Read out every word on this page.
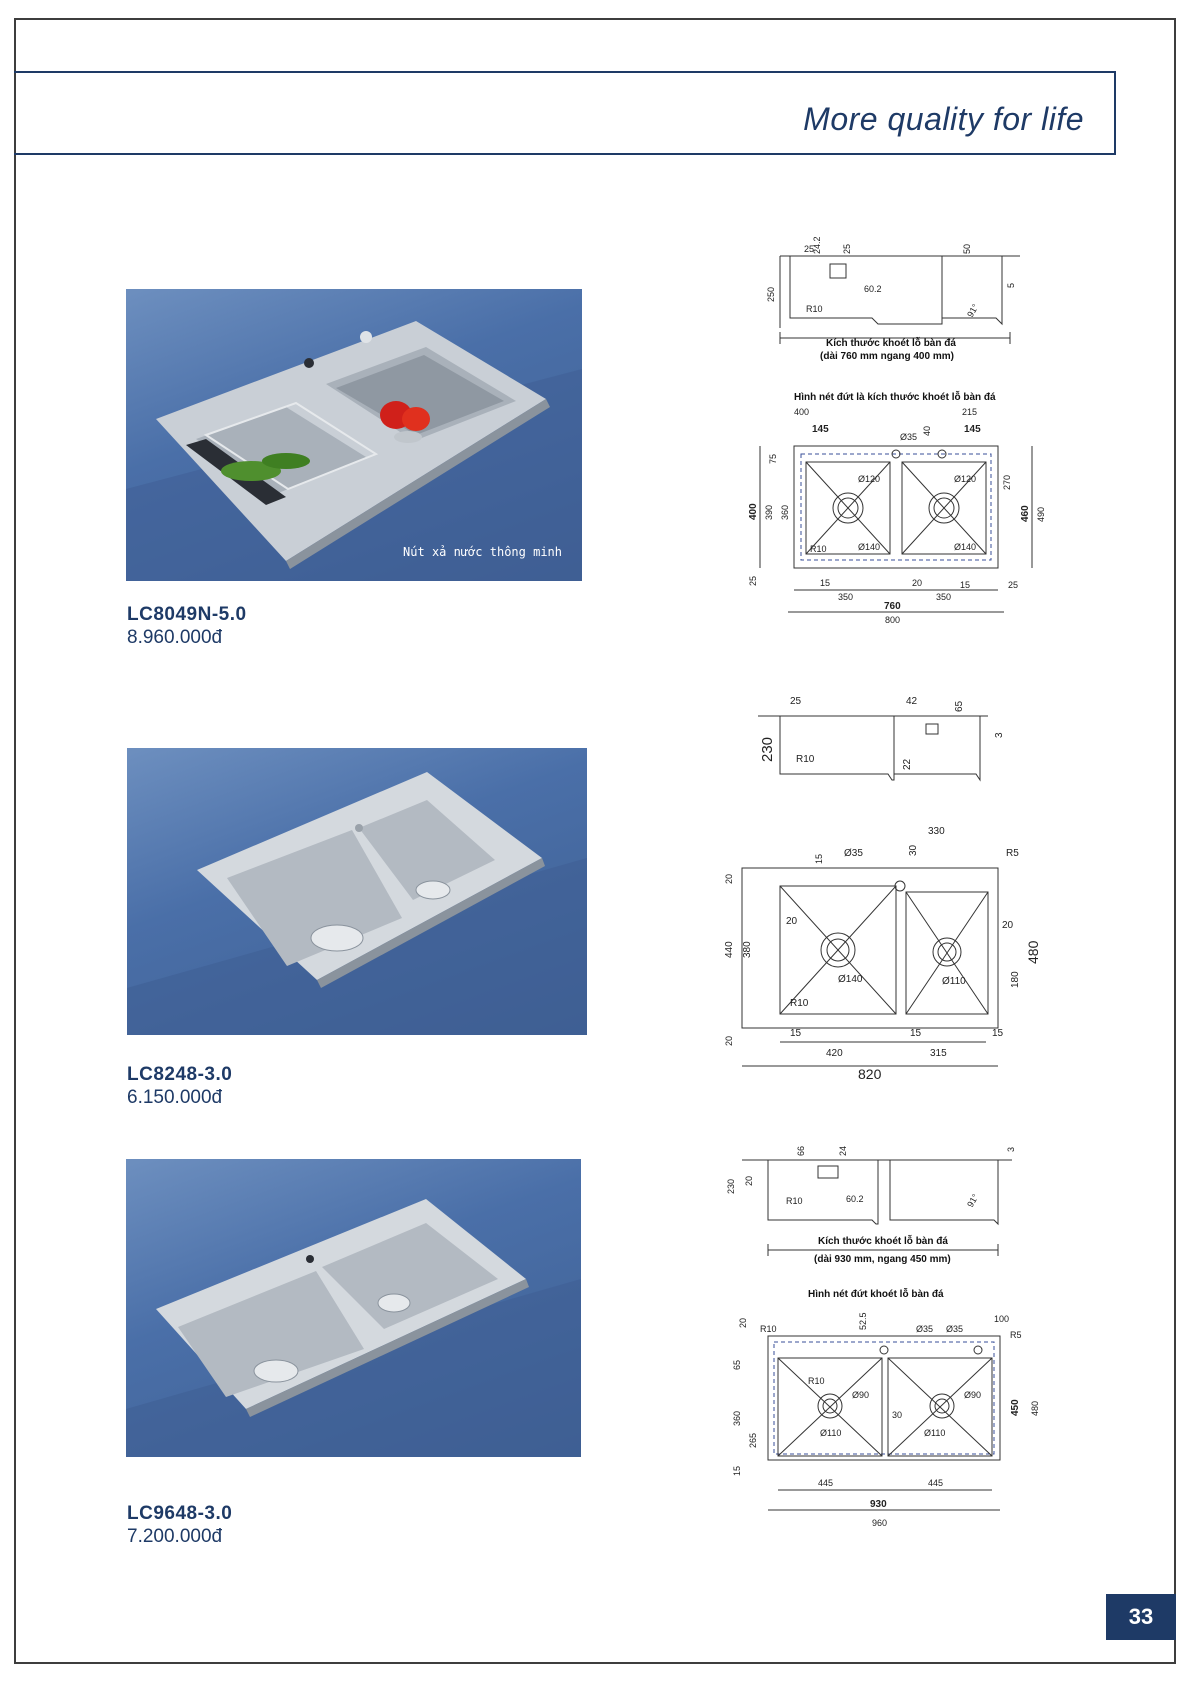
More quality for life
Nút xả nước thông minh
LC8049N-5.0
8.960.000đ
25
24.2 25	50
250	60.2	5
R10	91°
Kích thước khoét lỗ bàn đá
(dài 760 mm ngang 400 mm)
Hình nét đứt là kích thước khoét lỗ bàn đá
400	215
145	145
40
Ø35
75
Ø120	Ø120	270
400 390 360	460 490
R10	Ø140	Ø140
25	15	20	15	25
350	350
760
800
LC8248-3.0
6.150.000đ
25	42	65
230
3
R10	22
330
15 Ø35	30	R5
20
440 380
20	20
480
180
R10
Ø140	Ø110
20
15	15	15
420	315
820
LC9648-3.0
7.200.000đ
66	24	3
230 20
R10	60.2	91°
Kích thước khoét lỗ bàn đá
(dài 930 mm, ngang 450 mm)
Hình nét đứt khoét lỗ bàn đá
20
R10	52.5	Ø35 Ø35
100
R5
65
R10
Ø90	Ø90
30	450 480
360
265	Ø110	Ø110
15
445	445
930
960
33
